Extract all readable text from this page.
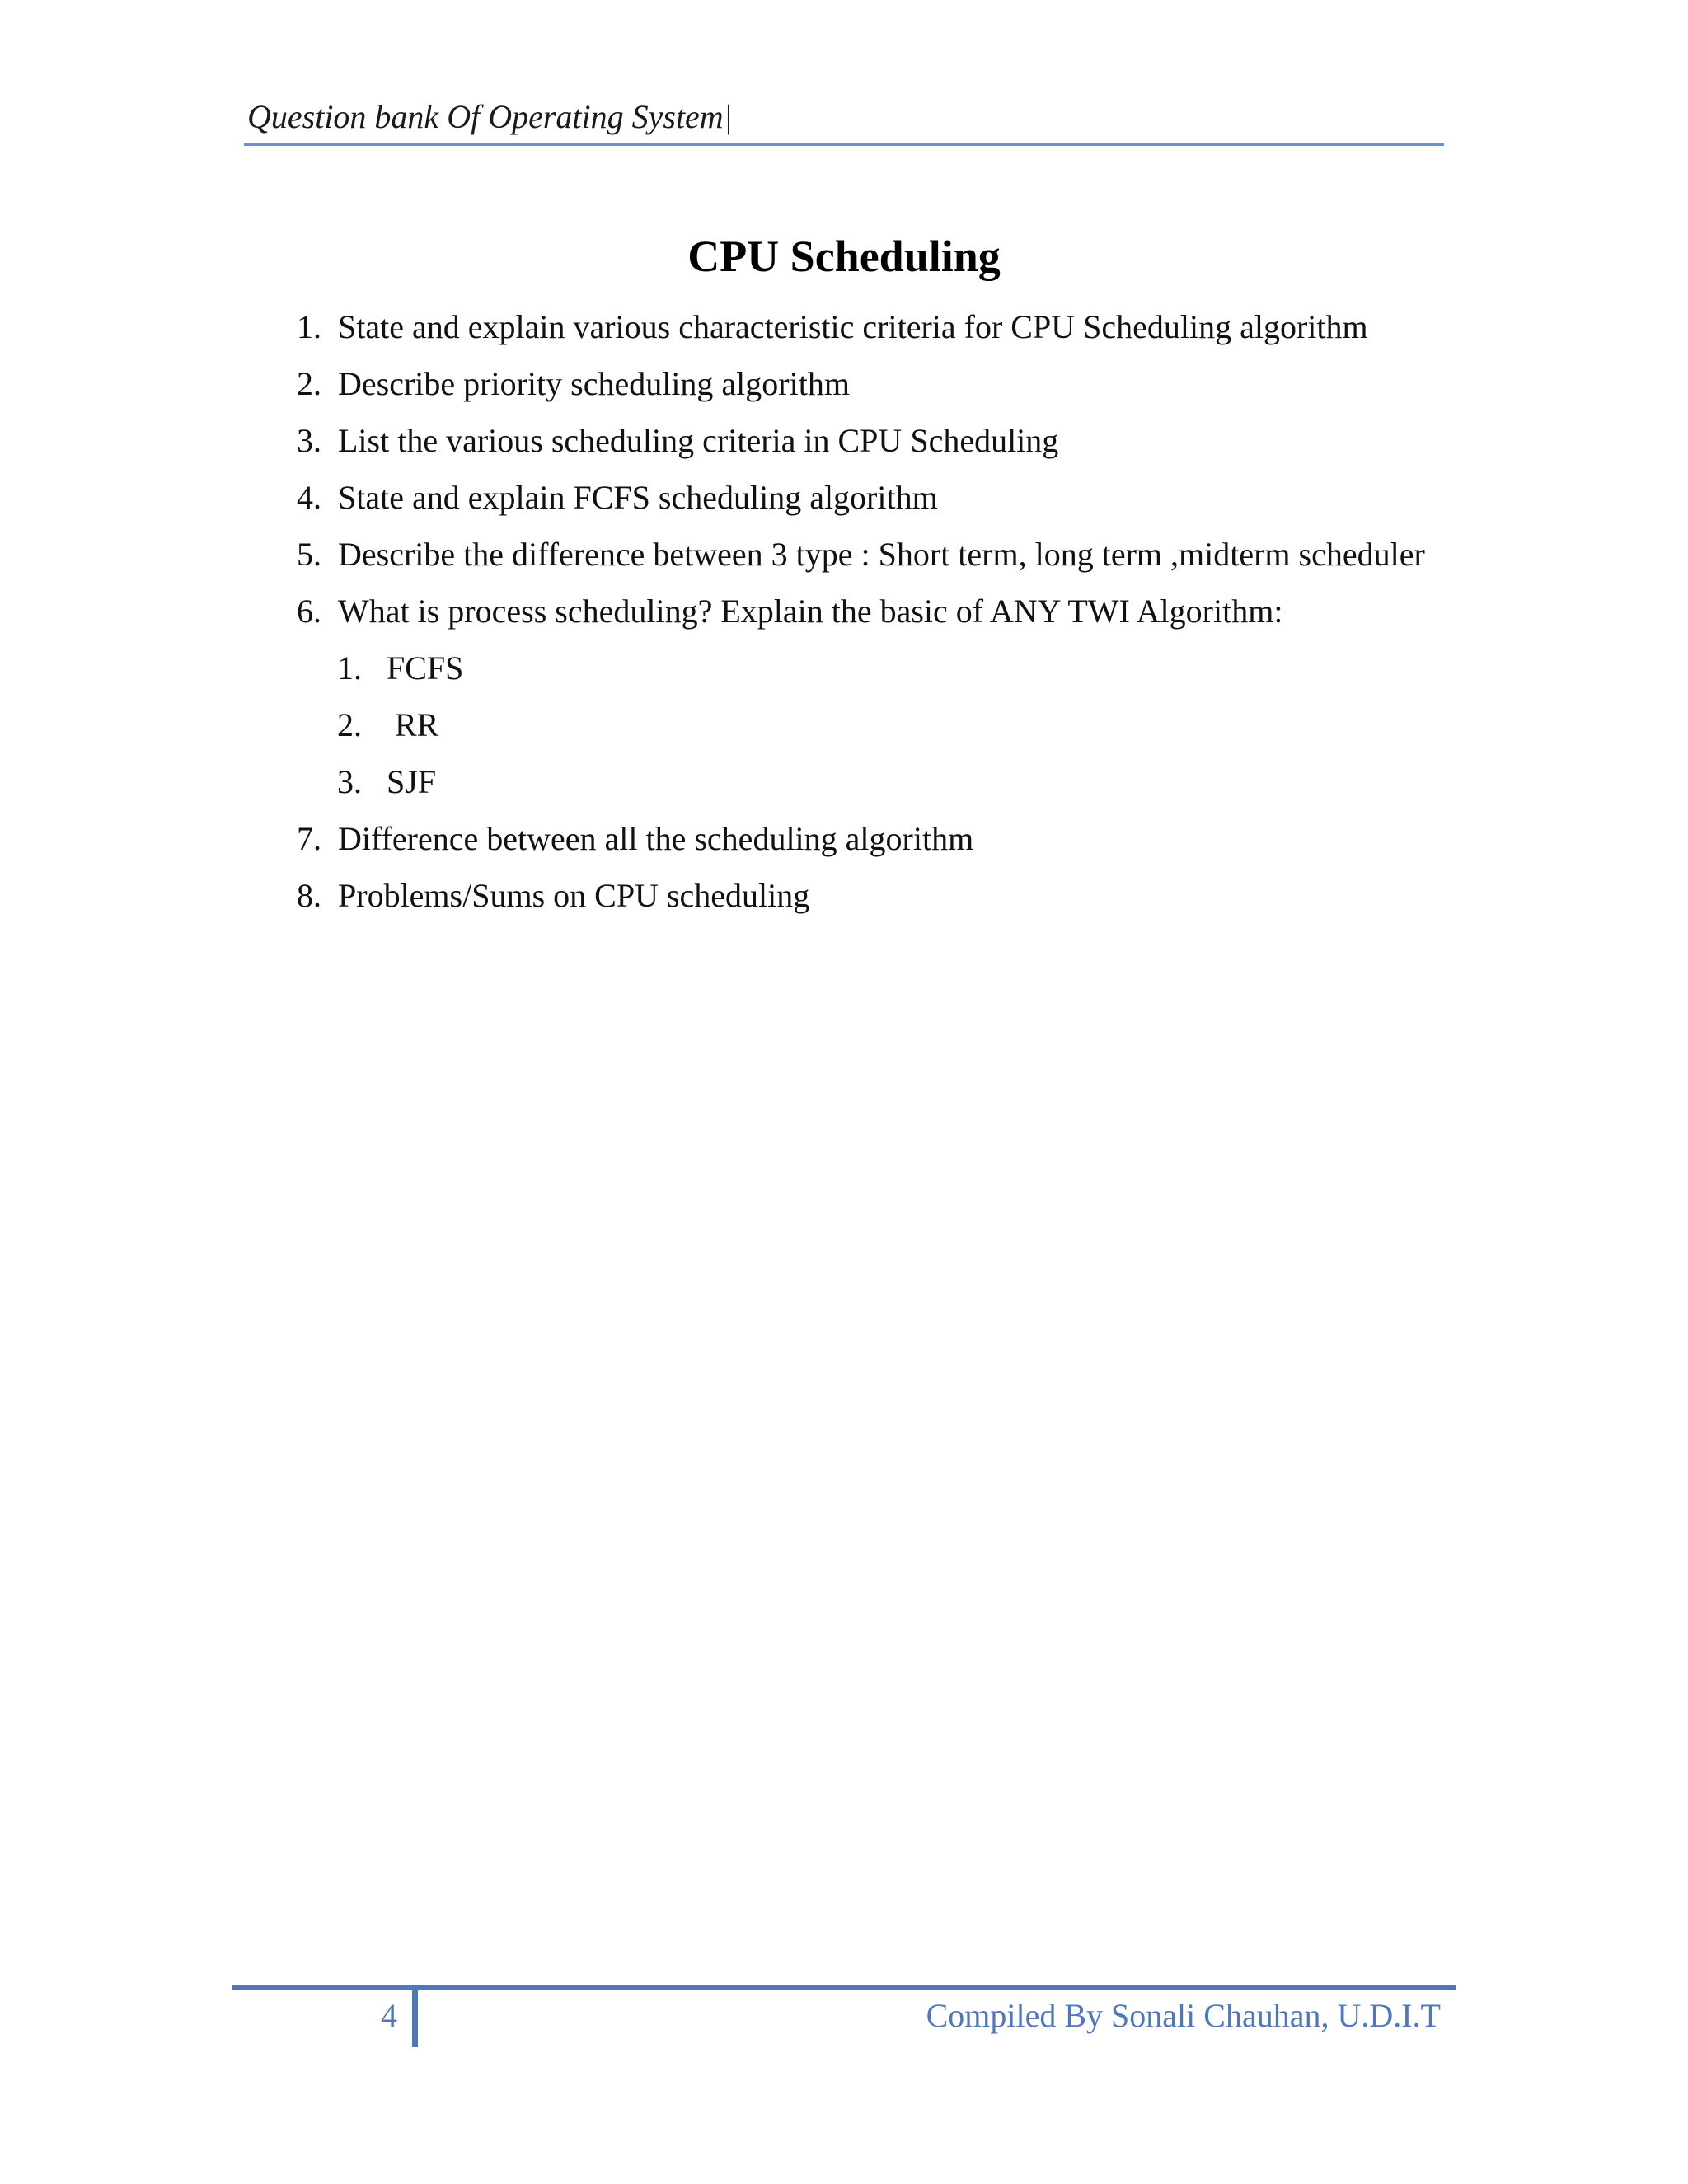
Question bank Of Operating System|
CPU Scheduling
1. State and explain various characteristic criteria for CPU Scheduling algorithm
2. Describe priority scheduling algorithm
3. List the various scheduling criteria in CPU Scheduling
4. State and explain FCFS scheduling algorithm
5. Describe the difference between 3 type : Short term, long term ,midterm scheduler
6. What is process scheduling? Explain the basic of ANY TWI Algorithm:
1. FCFS
2. RR
3. SJF
7. Difference between all the scheduling algorithm
8. Problems/Sums on CPU scheduling
4	Compiled By Sonali Chauhan, U.D.I.T
